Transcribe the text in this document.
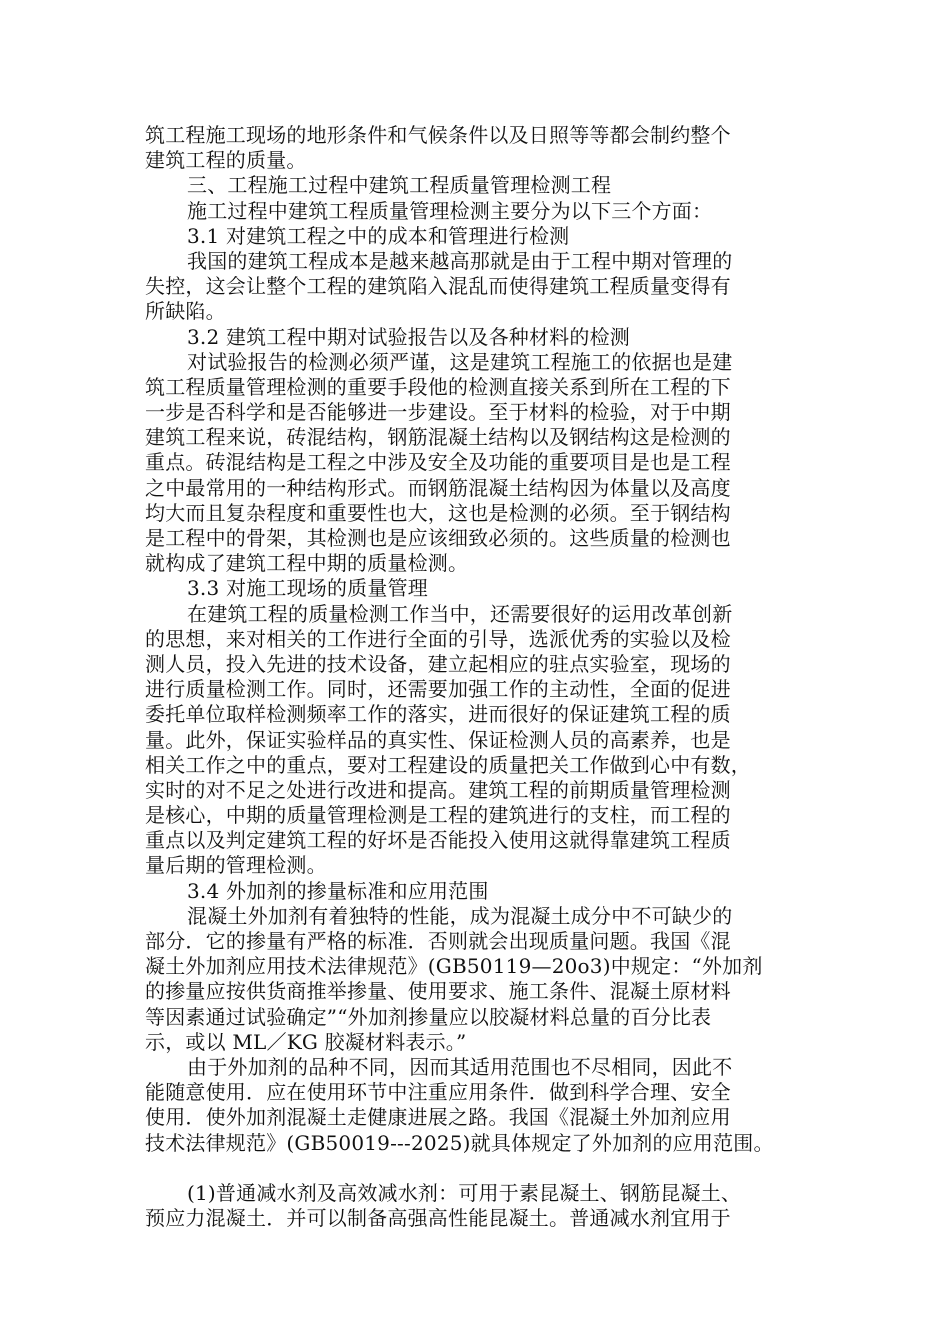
筑工程施工现场的地形条件和气候条件以及日照等等都会制约整个
建筑工程的质量。
三、工程施工过程中建筑工程质量管理检测工程
施工过程中建筑工程质量管理检测主要分为以下三个方面：
3.1 对建筑工程之中的成本和管理进行检测
我国的建筑工程成本是越来越高那就是由于工程中期对管理的
失控，这会让整个工程的建筑陷入混乱而使得建筑工程质量变得有
所缺陷。
3.2 建筑工程中期对试验报告以及各种材料的检测
对试验报告的检测必须严谨，这是建筑工程施工的依据也是建
筑工程质量管理检测的重要手段他的检测直接关系到所在工程的下
一步是否科学和是否能够进一步建设。至于材料的检验，对于中期
建筑工程来说，砖混结构，钢筋混凝土结构以及钢结构这是检测的
重点。砖混结构是工程之中涉及安全及功能的重要项目是也是工程
之中最常用的一种结构形式。而钢筋混凝土结构因为体量以及高度
均大而且复杂程度和重要性也大，这也是检测的必须。至于钢结构
是工程中的骨架，其检测也是应该细致必须的。这些质量的检测也
就构成了建筑工程中期的质量检测。
3.3 对施工现场的质量管理
在建筑工程的质量检测工作当中，还需要很好的运用改革创新
的思想，来对相关的工作进行全面的引导，选派优秀的实验以及检
测人员，投入先进的技术设备，建立起相应的驻点实验室，现场的
进行质量检测工作。同时，还需要加强工作的主动性，全面的促进
委托单位取样检测频率工作的落实，进而很好的保证建筑工程的质
量。此外，保证实验样品的真实性、保证检测人员的高素养，也是
相关工作之中的重点，要对工程建设的质量把关工作做到心中有数，
实时的对不足之处进行改进和提高。建筑工程的前期质量管理检测
是核心，中期的质量管理检测是工程的建筑进行的支柱，而工程的
重点以及判定建筑工程的好坏是否能投入使用这就得靠建筑工程质
量后期的管理检测。
3.4 外加剂的掺量标准和应用范围
混凝土外加剂有着独特的性能，成为混凝土成分中不可缺少的
部分．它的掺量有严格的标准．否则就会出现质量问题。我国《混
凝土外加剂应用技术法律规范》(GB50119—20o3)中规定：“外加剂
的掺量应按供货商推举掺量、使用要求、施工条件、混凝土原材料
等因素通过试验确定”“外加剂掺量应以胶凝材料总量的百分比表
示，或以 ML／KG 胶凝材料表示。”
由于外加剂的品种不同，因而其适用范围也不尽相同，因此不
能随意使用．应在使用环节中注重应用条件．做到科学合理、安全
使用．使外加剂混凝土走健康进展之路。我国《混凝土外加剂应用
技术法律规范》(GB50019---2025)就具体规定了外加剂的应用范围。
(1)普通减水剂及高效减水剂：可用于素昆凝土、钢筋昆凝土、
预应力混凝土．并可以制备高强高性能昆凝土。普通减水剂宜用于
